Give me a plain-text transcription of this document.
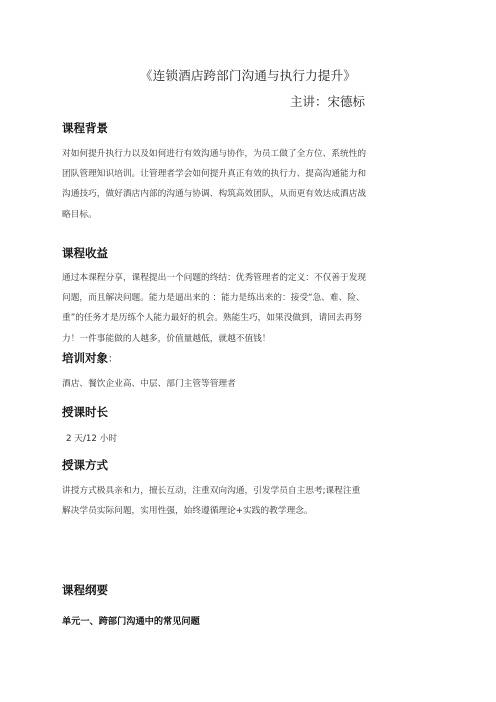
《连锁酒店跨部门沟通与执行力提升》
主讲：宋德标
课程背景
对如何提升执行力以及如何进行有效沟通与协作，为员工做了全方位、系统性的
团队管理知识培训。让管理者学会如何提升真正有效的执行力、提高沟通能力和
沟通技巧，做好酒店内部的沟通与协调、构筑高效团队，从而更有效达成酒店战
略目标。
课程收益
通过本课程分享，课程提出一个问题的终结：优秀管理者的定义：不仅善于发现
问题，而且解决问题。能力是逼出来的 ：能力是练出来的：接受“急、难、险、
重”的任务才是历练个人能力最好的机会。熟能生巧，如果没做到，请回去再努
力！一件事能做的人越多，价值量越低，就越不值钱！
培训对象：
酒店、餐饮企业高、中层、部门主管等管理者
授课时长
2 天/12 小时
授课方式
讲授方式极具亲和力，擅长互动，注重双向沟通，引发学员自主思考;课程注重
解决学员实际问题，实用性强，始终遵循理论+实践的教学理念。
课程纲要
单元一、跨部门沟通中的常见问题
